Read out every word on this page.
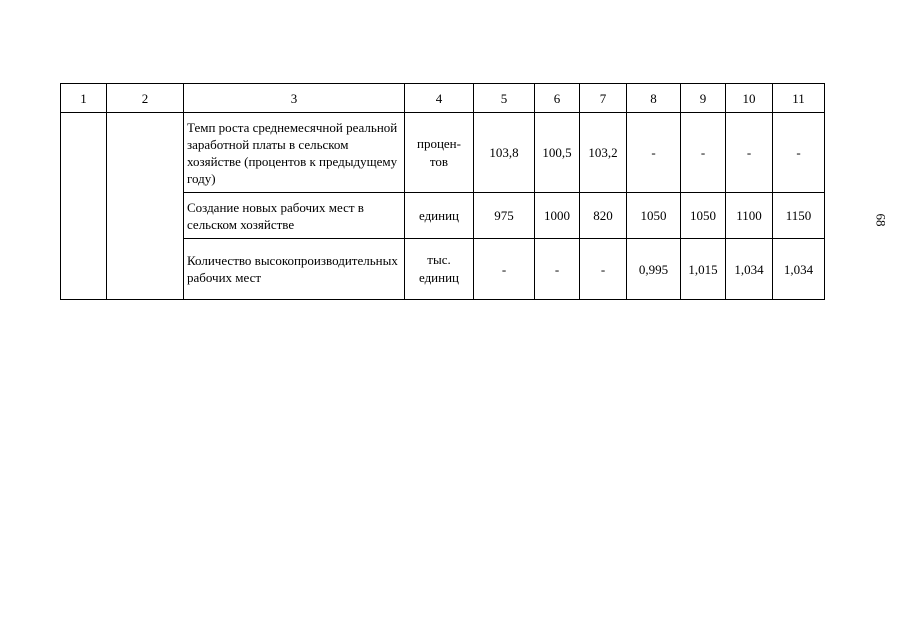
1	2	3	4	5	6	7	8	9	10	11
		Темп роста среднемесячной реальной заработной платы в сельском хозяйстве (процентов к предыдущему году)	процен-тов	103,8	100,5	103,2	-	-	-	-
		Создание новых рабочих мест в сельском хозяйстве	единиц	975	1000	820	1050	1050	1100	1150
		Количество высокопроизводительных рабочих мест	тыс. единиц	-	-	-	0,995	1,015	1,034	1,034
68
